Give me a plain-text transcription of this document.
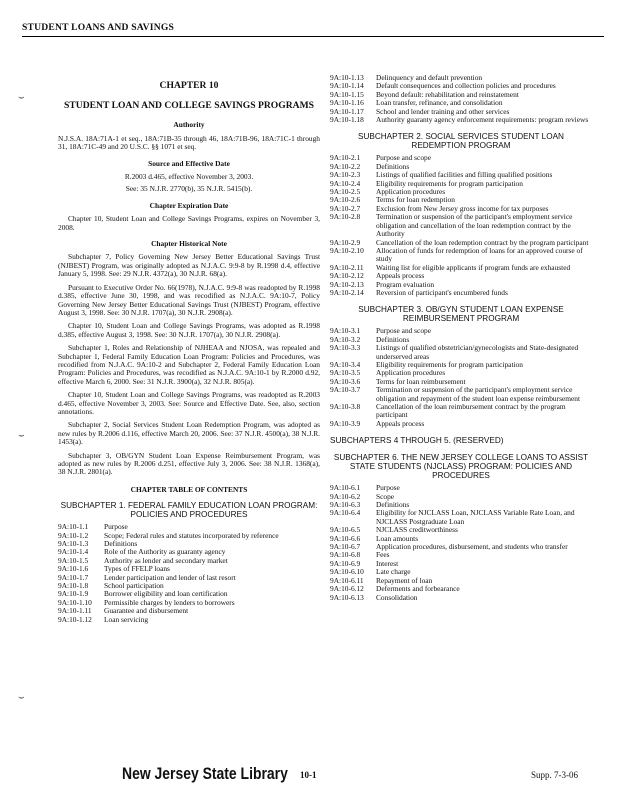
STUDENT LOANS AND SAVINGS
⌣
⌣
⌣
CHAPTER 10
STUDENT LOAN AND COLLEGE SAVINGS PROGRAMS
Authority
N.J.S.A. 18A:71A-1 et seq., 18A:71B-35 through 46, 18A:71B-96, 18A:71C-1 through 31, 18A:71C-49 and 20 U.S.C. §§ 1071 et seq.
Source and Effective Date
R.2003 d.465, effective November 3, 2003.
See: 35 N.J.R. 2770(b), 35 N.J.R. 5415(b).
Chapter Expiration Date
Chapter 10, Student Loan and College Savings Programs, expires on November 3, 2008.
Chapter Historical Note

Subchapter 7, Policy Governing New Jersey Better Educational Savings Trust (NJBEST) Program, was originally adopted as N.J.A.C. 9:9-8 by R.1998 d.4, effective January 5, 1998. See: 29 N.J.R. 4372(a), 30 N.J.R. 68(a).

Pursuant to Executive Order No. 66(1978), N.J.A.C. 9:9-8 was readopted by R.1998 d.385, effective June 30, 1998, and was recodified as N.J.A.C. 9A:10-7, Policy Governing New Jersey Better Educational Savings Trust (NJBEST) Program, effective August 3, 1998. See: 30 N.J.R. 1707(a), 30 N.J.R. 2908(a).

Chapter 10, Student Loan and College Savings Programs, was adopted as R.1998 d.385, effective August 3, 1998. See: 30 N.J.R. 1707(a), 30 N.J.R. 2908(a).

Subchapter 1, Roles and Relationship of NJHEAA and NJOSA, was repealed and Subchapter 1, Federal Family Education Loan Program: Policies and Procedures, was recodified from N.J.A.C. 9A:10-2 and Subchapter 2, Federal Family Education Loan Program: Policies and Procedures, was recodified as N.J.A.C. 9A:10-1 by R.2000 d.92, effective March 6, 2000. See: 31 N.J.R. 3900(a), 32 N.J.R. 805(a).

Chapter 10, Student Loan and College Savings Programs, was readopted as R.2003 d.465, effective November 3, 2003. See: Source and Effective Date. See, also, section annotations.

Subchapter 2, Social Services Student Loan Redemption Program, was adopted as new rules by R.2006 d.116, effective March 20, 2006. See: 37 N.J.R. 4500(a), 38 N.J.R. 1453(a).

Subchapter 3, OB/GYN Student Loan Expense Reimbursement Program, was adopted as new rules by R.2006 d.251, effective July 3, 2006. See: 38 N.J.R. 1368(a), 38 N.J.R. 2801(a).

CHAPTER TABLE OF CONTENTS
SUBCHAPTER 1. FEDERAL FAMILY EDUCATION LOAN PROGRAM: POLICIES AND PROCEDURES
9A:10-1.1	Purpose
9A:10-1.2	Scope; Federal rules and statutes incorporated by reference
9A:10-1.3	Definitions
9A:10-1.4	Role of the Authority as guaranty agency
9A:10-1.5	Authority as lender and secondary market
9A:10-1.6	Types of FFELP loans
9A:10-1.7	Lender participation and lender of last resort
9A:10-1.8	School participation
9A:10-1.9	Borrower eligibility and loan certification
9A:10-1.10	Permissible charges by lenders to borrowers
9A:10-1.11	Guarantee and disbursement
9A:10-1.12	Loan servicing
9A:10-1.13	Delinquency and default prevention
9A:10-1.14	Default consequences and collection policies and procedures
9A:10-1.15	Beyond default: rehabilitation and reinstatement
9A:10-1.16	Loan transfer, refinance, and consolidation
9A:10-1.17	School and lender training and other services
9A:10-1.18	Authority guaranty agency enforcement requirements: program reviews
SUBCHAPTER 2. SOCIAL SERVICES STUDENT LOAN REDEMPTION PROGRAM
9A:10-2.1	Purpose and scope
9A:10-2.2	Definitions
9A:10-2.3	Listings of qualified facilities and filling qualified positions
9A:10-2.4	Eligibility requirements for program participation
9A:10-2.5	Application procedures
9A:10-2.6	Terms for loan redemption
9A:10-2.7	Exclusion from New Jersey gross income for tax purposes
9A:10-2.8	Termination or suspension of the participant's employment service obligation and cancellation of the loan redemption contract by the Authority
9A:10-2.9	Cancellation of the loan redemption contract by the program participant
9A:10-2.10	Allocation of funds for redemption of loans for an approved course of study
9A:10-2.11	Waiting list for eligible applicants if program funds are exhausted
9A:10-2.12	Appeals process
9A:10-2.13	Program evaluation
9A:10-2.14	Reversion of participant's encumbered funds
SUBCHAPTER 3. OB/GYN STUDENT LOAN EXPENSE REIMBURSEMENT PROGRAM
9A:10-3.1	Purpose and scope
9A:10-3.2	Definitions
9A:10-3.3	Listings of qualified obstetrician/gynecologists and State-designated underserved areas
9A:10-3.4	Eligibility requirements for program participation
9A:10-3.5	Application procedures
9A:10-3.6	Terms for loan reimbursement
9A:10-3.7	Termination or suspension of the participant's employment service obligation and repayment of the student loan expense reimbursement
9A:10-3.8	Cancellation of the loan reimbursement contract by the program participant
9A:10-3.9	Appeals process
SUBCHAPTERS 4 THROUGH 5. (RESERVED)
SUBCHAPTER 6. THE NEW JERSEY COLLEGE LOANS TO ASSIST STATE STUDENTS (NJCLASS) PROGRAM: POLICIES AND PROCEDURES
9A:10-6.1	Purpose
9A:10-6.2	Scope
9A:10-6.3	Definitions
9A:10-6.4	Eligibility for NJCLASS Loan, NJCLASS Variable Rate Loan, and NJCLASS Postgraduate Loan
9A:10-6.5	NJCLASS creditworthiness
9A:10-6.6	Loan amounts
9A:10-6.7	Application procedures, disbursement, and students who transfer
9A:10-6.8	Fees
9A:10-6.9	Interest
9A:10-6.10	Late charge
9A:10-6.11	Repayment of loan
9A:10-6.12	Deferments and forbearance
9A:10-6.13	Consolidation
New Jersey State Library 10-1	Supp. 7-3-06
